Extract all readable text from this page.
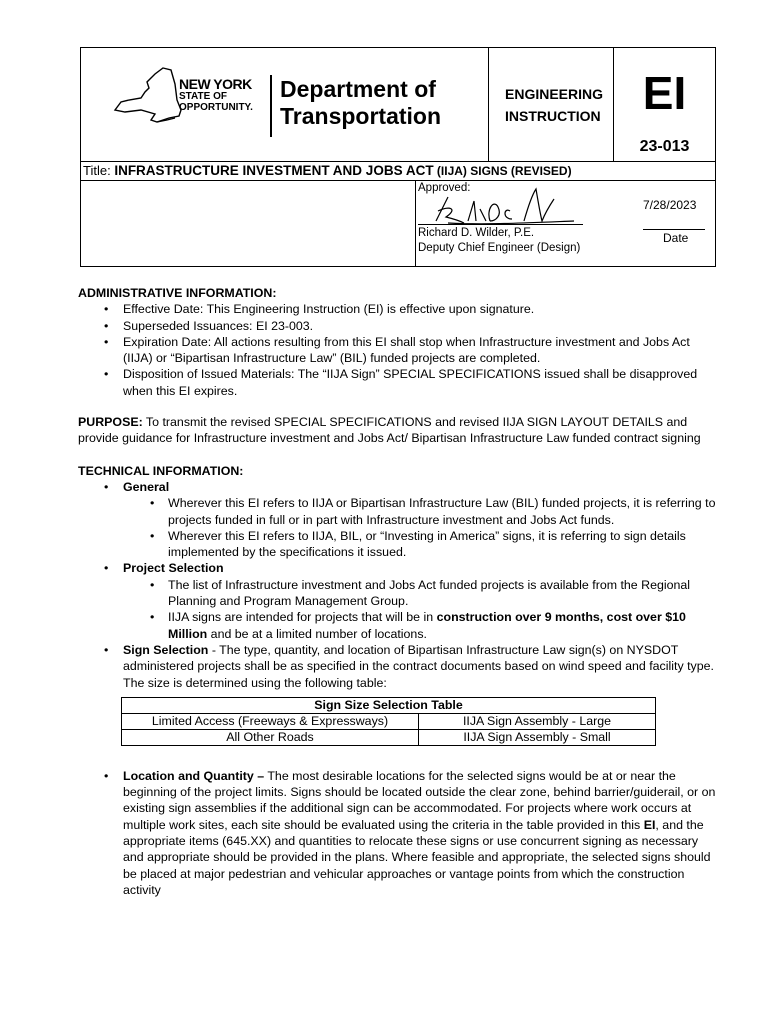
NEW YORK
STATE OF
OPPORTUNITY.
Department of
Transportation
ENGINEERING
INSTRUCTION EI
23-013
Title: INFRASTRUCTURE INVESTMENT AND JOBS ACT (IIJA) SIGNS (REVISED)
Approved:
Richard D. Wilder, P.E.
Deputy Chief Engineer (Design)
7/28/2023
Date
ADMINISTRATIVE INFORMATION:
• Effective Date: This Engineering Instruction (EI) is effective upon signature.
• Superseded Issuances: EI 23-003.
• Expiration Date: All actions resulting from this EI shall stop when Infrastructure investment and Jobs Act (IIJA) or “Bipartisan Infrastructure Law” (BIL) funded projects are completed.
• Disposition of Issued Materials: The “IIJA Sign” SPECIAL SPECIFICATIONS issued shall be disapproved when this EI expires.
PURPOSE: To transmit the revised SPECIAL SPECIFICATIONS and revised IIJA SIGN LAYOUT DETAILS and provide guidance for Infrastructure investment and Jobs Act/ Bipartisan Infrastructure Law funded contract signing
TECHNICAL INFORMATION:
• General
• Wherever this EI refers to IIJA or Bipartisan Infrastructure Law (BIL) funded projects, it is referring to projects funded in full or in part with Infrastructure investment and Jobs Act funds.
• Wherever this EI refers to IIJA, BIL, or “Investing in America” signs, it is referring to sign details implemented by the specifications it issued.
• Project Selection
• The list of Infrastructure investment and Jobs Act funded projects is available from the Regional Planning and Program Management Group.
• IIJA signs are intended for projects that will be in construction over 9 months, cost over $10 Million and be at a limited number of locations.
• Sign Selection - The type, quantity, and location of Bipartisan Infrastructure Law sign(s) on NYSDOT administered projects shall be as specified in the contract documents based on wind speed and facility type. The size is determined using the following table:
Sign Size Selection Table	
Limited Access (Freeways & Expressways)	IIJA Sign Assembly - Large
All Other Roads	IIJA Sign Assembly - Small
• Location and Quantity – The most desirable locations for the selected signs would be at or near the beginning of the project limits. Signs should be located outside the clear zone, behind barrier/guiderail, or on existing sign assemblies if the additional sign can be accommodated. For projects where work occurs at multiple work sites, each site should be evaluated using the criteria in the table provided in this EI, and the appropriate items (645.XX) and quantities to relocate these signs or use concurrent signing as necessary and appropriate should be provided in the plans. Where feasible and appropriate, the selected signs should be placed at major pedestrian and vehicular approaches or vantage points from which the construction activity
